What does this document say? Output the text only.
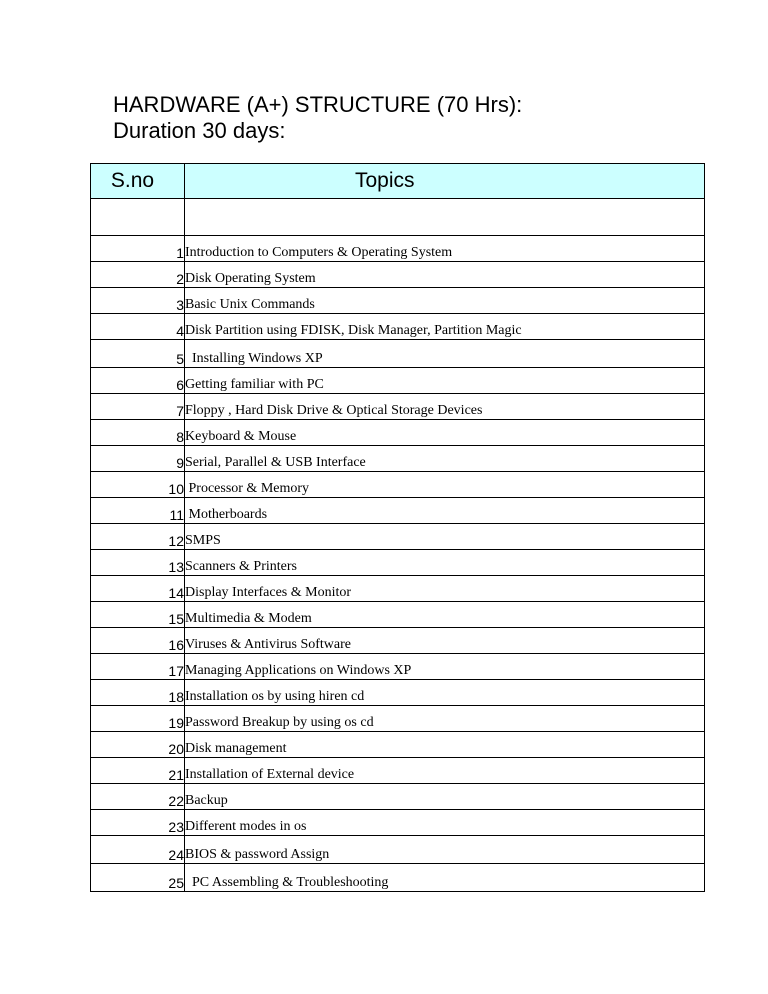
HARDWARE (A+) STRUCTURE (70 Hrs):
Duration 30 days:
S.no	Topics

1	Introduction to Computers & Operating System
2	Disk Operating System
3	Basic Unix Commands
4	Disk Partition using FDISK, Disk Manager, Partition Magic
5	Installing Windows XP
6	Getting familiar with PC
7	Floppy , Hard Disk Drive & Optical Storage Devices
8	Keyboard & Mouse
9	Serial, Parallel & USB Interface
10	Processor & Memory
11	Motherboards
12	SMPS
13	Scanners & Printers
14	Display Interfaces & Monitor
15	Multimedia & Modem
16	Viruses & Antivirus Software
17	Managing Applications on Windows XP
18	Installation os by using hiren cd
19	Password Breakup by using os cd
20	Disk management
21	Installation of External device
22	Backup
23	Different modes in os
24	BIOS & password Assign
25	PC Assembling & Troubleshooting
